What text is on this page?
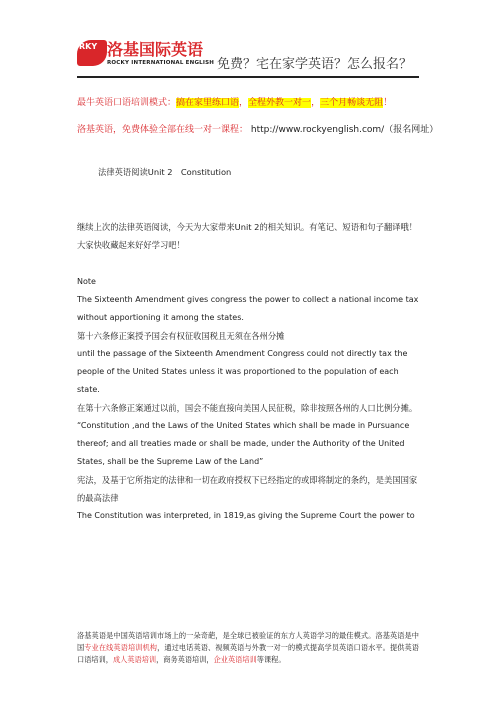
RKY 洛基国际英语
ROCKY INTERNATIONAL ENGLISH 免费？宅在家学英语？怎么报名？
最牛英语口语培训模式：搞在家里练口语，全程外教一对一，三个月畅谈无阻！
洛基英语，免费体验全部在线一对一课程： http://www.rockyenglish.com/（报名网址）
法律英语阅读Unit 2　Constitution
继续上次的法律英语阅读，今天为大家带来Unit 2的相关知识。有笔记、短语和句子翻译哦！大家快收藏起来好好学习吧！
Note
The Sixteenth Amendment gives congress the power to collect a national income tax without apportioning it among the states.
第十六条修正案授予国会有权征收国税且无须在各州分摊
until the passage of the Sixteenth Amendment Congress could not directly tax the people of the United States unless it was proportioned to the population of each state.
在第十六条修正案通过以前，国会不能直接向美国人民征税，除非按照各州的人口比例分摊。
“Constitution ,and the Laws of the United States which shall be made in Pursuance thereof; and all treaties made or shall be made, under the Authority of the United States, shall be the Supreme Law of the Land”
宪法，及基于它所指定的法律和一切在政府授权下已经指定的或即将制定的条约，是美国国家的最高法律
The Constitution was interpreted, in 1819,as giving the Supreme Court the power to
洛基英语是中国英语培训市场上的一朵奇葩，是全球已被验证的东方人英语学习的最佳模式。洛基英语是中国专业在线英语培训机构，通过电话英语、视频英语与外教一对一的模式提高学员英语口语水平。提供英语口语培训，成人英语培训，商务英语培训，企业英语培训等课程。
